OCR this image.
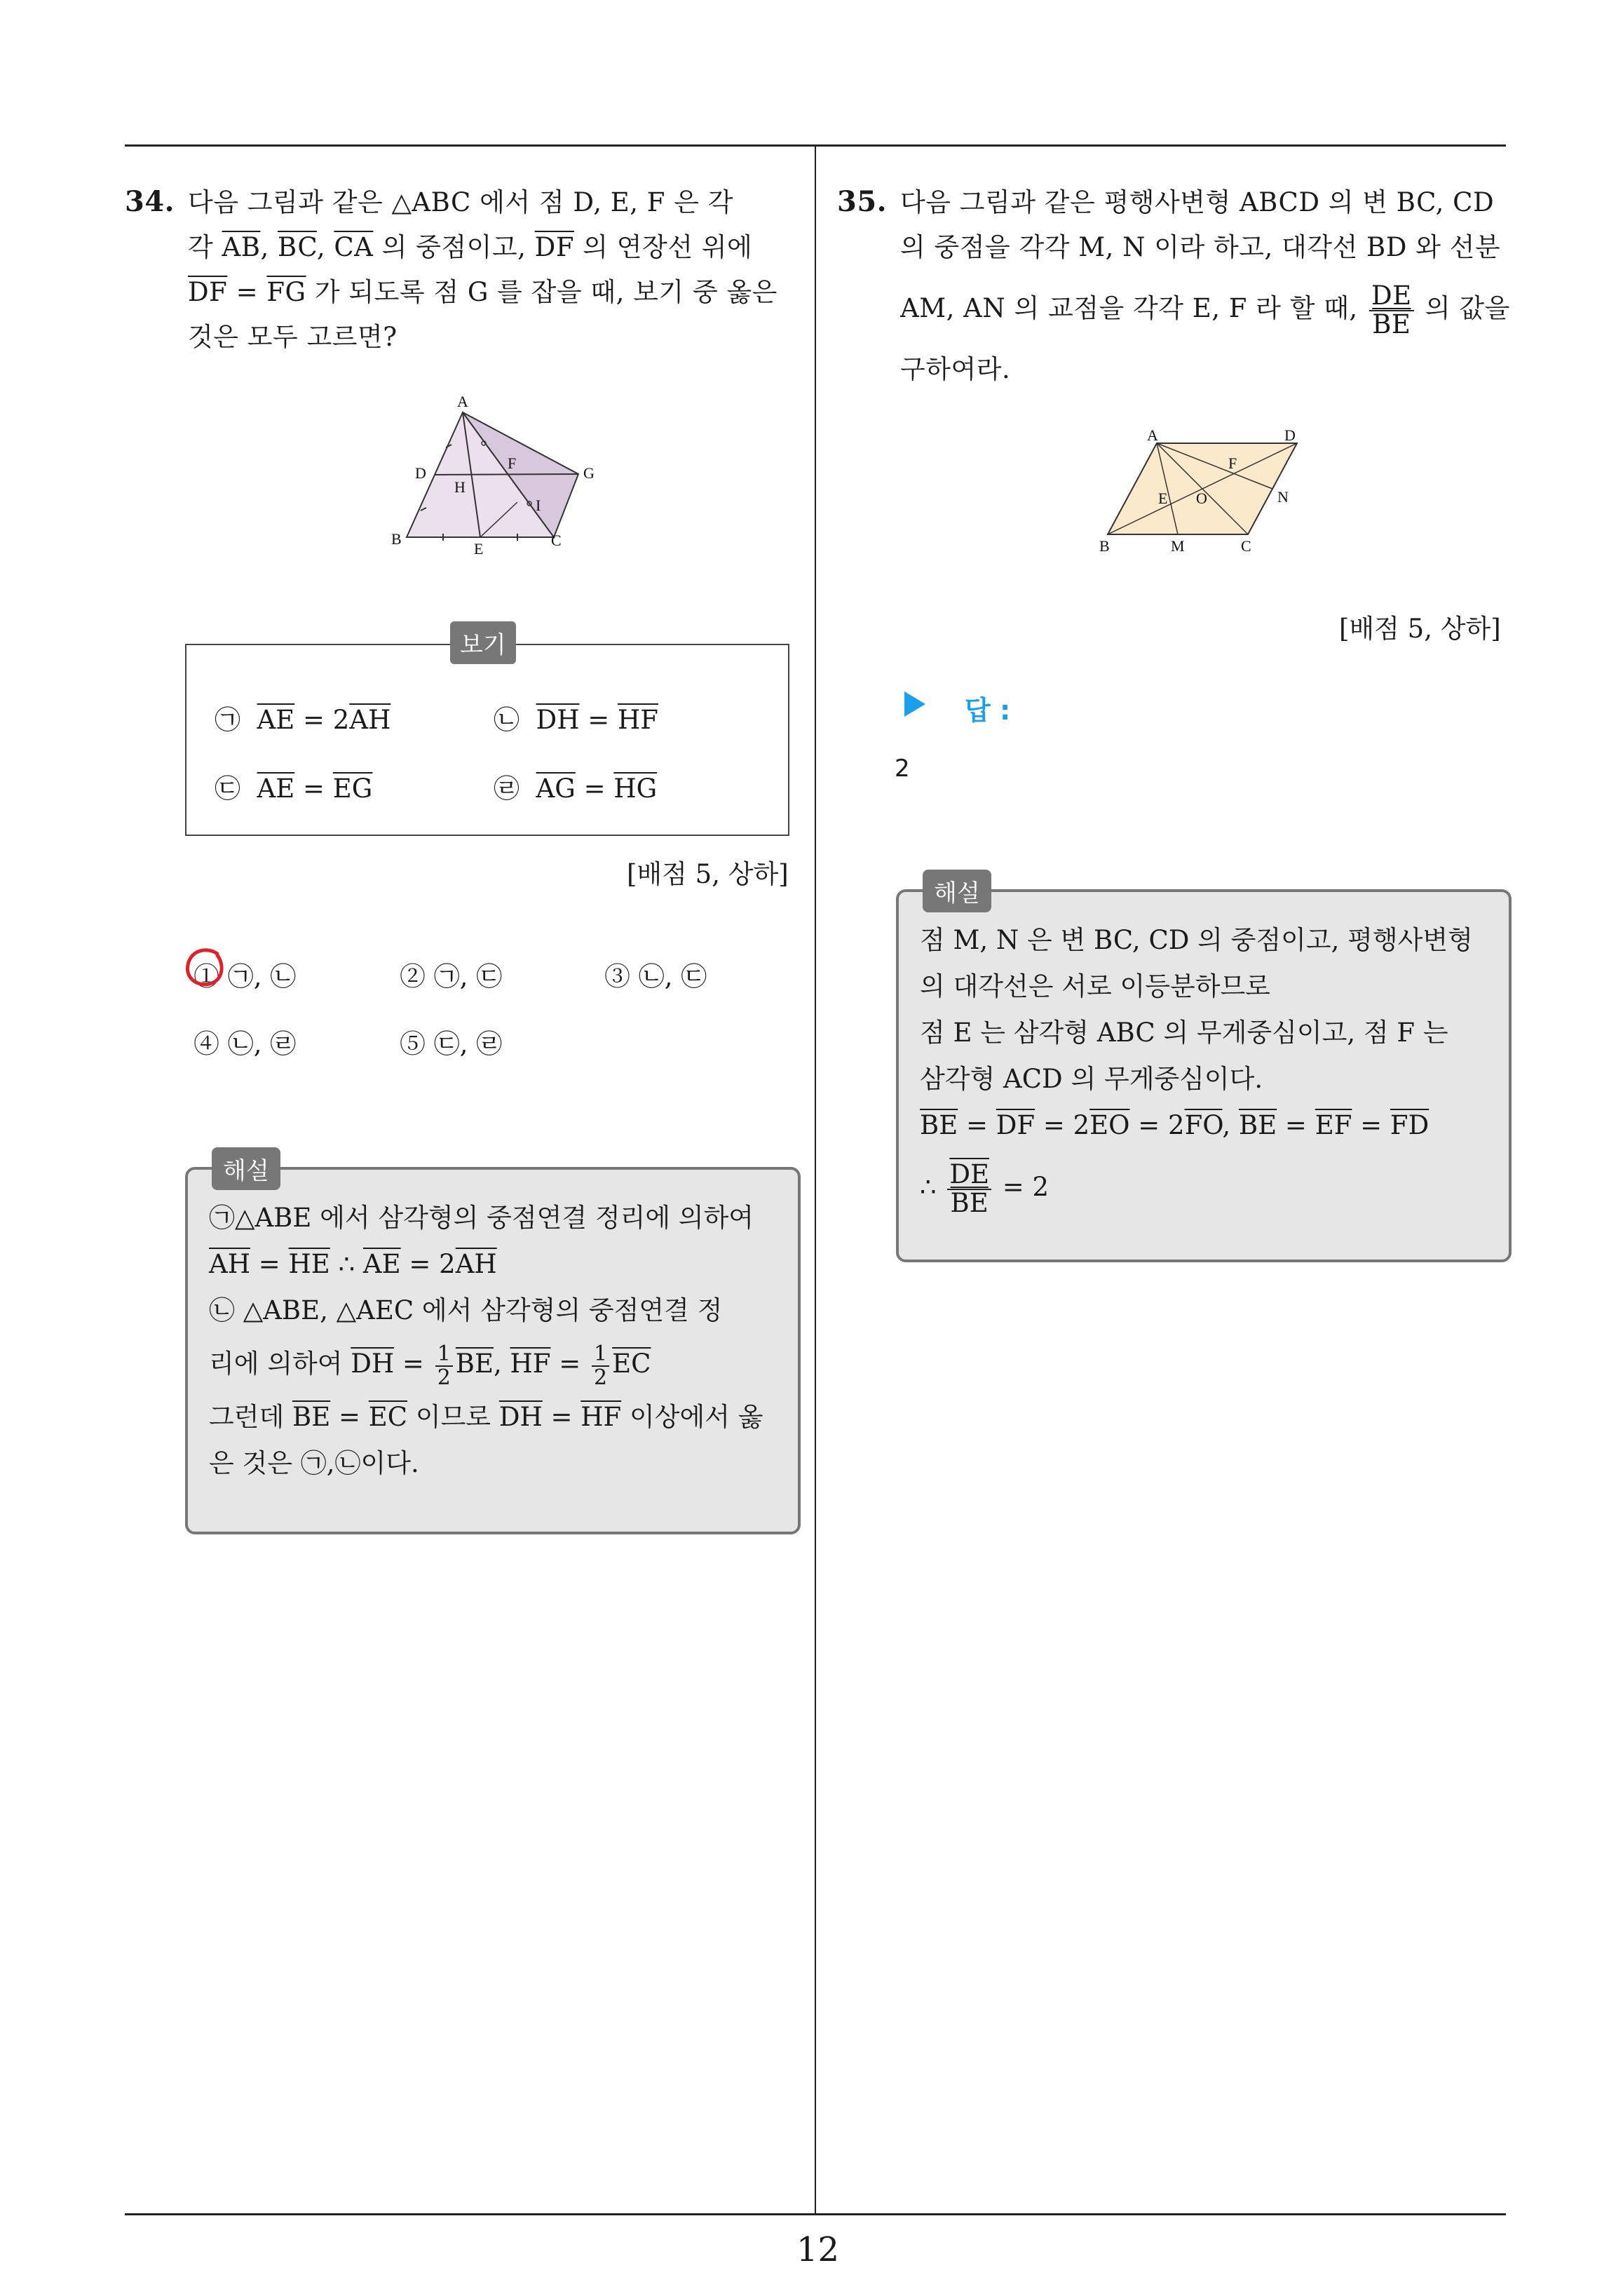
34. 다음 그림과 같은 △ABC 에서 점 D, E, F 은 각
각 $\overline{AB}$, $\overline{BC}$, $\overline{CA}$ 의 중점이고, $\overline{DF}$ 의 연장선 위에
$\overline{DF} = \overline{FG}$ 가 되도록 점 G 를 잡을 때, 보기 중 옳은
것은 모두 고르면?
A
B	C
D
E
F
G
H
I
보기
㉠ $\overline{AE} = 2\overline{AH}$	㉡ $\overline{DH} = \overline{HF}$
㉢ $\overline{AE} = \overline{EG}$	㉣ $\overline{AG} = \overline{HG}$
[배점 5, 상하]
① ㉠, ㉡	② ㉠, ㉢	③ ㉡, ㉢
④ ㉡, ㉣	⑤ ㉢, ㉣
㉠△ABE 에서 삼각형의 중점연결 정리에 의하여
$\overline{AH} = \overline{HE}$ ∴ $\overline{AE} = 2\overline{AH}$
㉡ △ABE, △AEC 에서 삼각형의 중점연결 정
리에 의하여 $\overline{DH} = \frac{1}{2} \overline{BE}$, $\overline{HF} = \frac{1}{2} \overline{EC}$
그런데 $\overline{BE} = \overline{EC}$ 이므로 $\overline{DH} = \overline{HF}$ 이상에서 옳
은 것은 ㉠,㉡이다.
해설
35. 다음 그림과 같은 평행사변형 ABCD 의 변 BC, CD
의 중점을 각각 M, N 이라 하고, 대각선 BD 와 선분
AM, AN 의 교점을 각각 E, F 라 할 때, $\frac{DE}{BE}$ 의 값을
구하여라.
A	D
B	M	C
E O
F
N
[배점 5, 상하]
답 :
2
점 M, N 은 변 BC, CD 의 중점이고, 평행사변형
의 대각선은 서로 이등분하므로
점 E 는 삼각형 ABC 의 무게중심이고, 점 F 는
삼각형 ACD 의 무게중심이다.
$\overline{BE} = \overline{DF} = 2\overline{EO} = 2\overline{FO}$, $\overline{BE} = \overline{EF} = \overline{FD}$
∴ $\frac{\overline{DE}}{BE} = 2$
해설
12
